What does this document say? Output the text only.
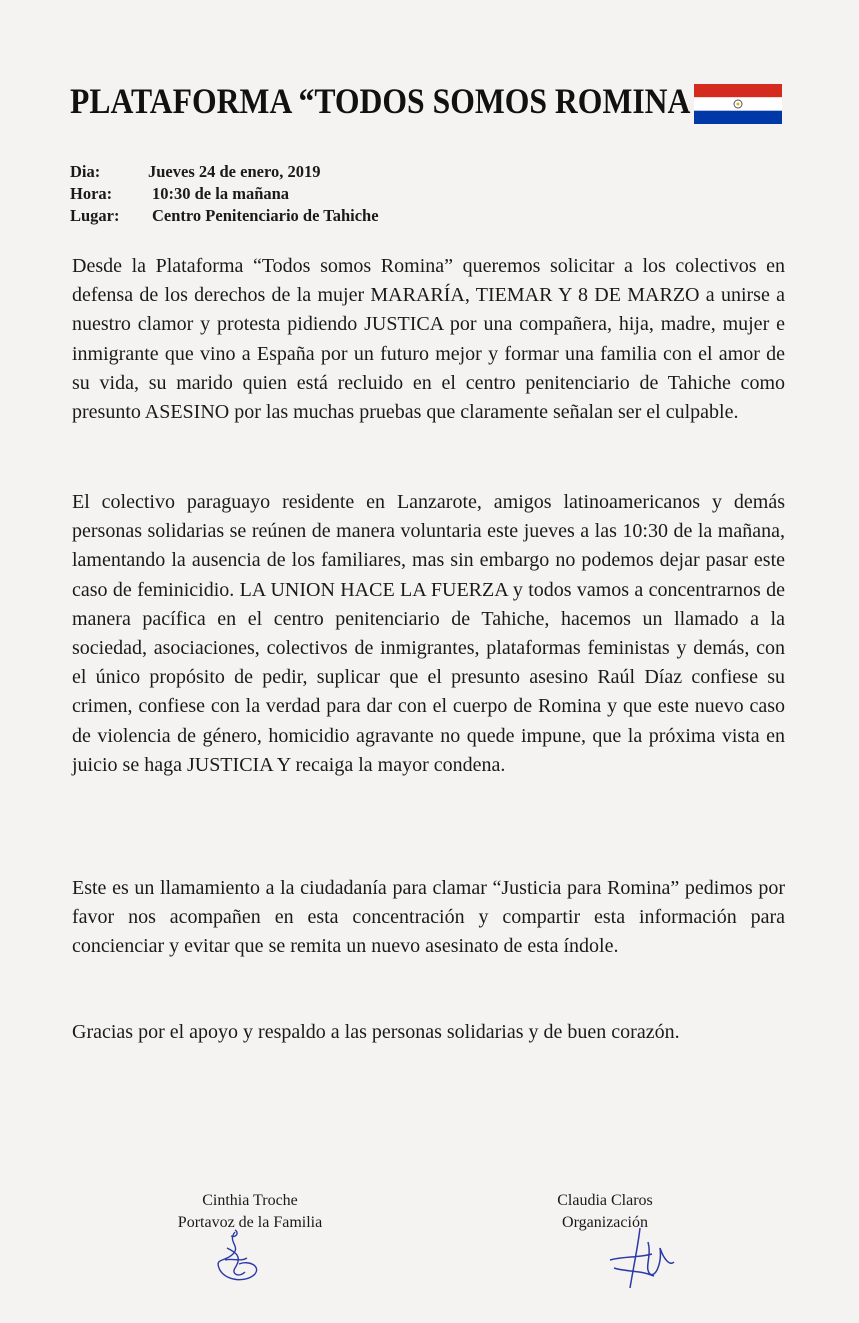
PLATAFORMA “TODOS SOMOS ROMINA
Dia:	Jueves 24 de enero, 2019
Hora:	10:30 de la mañana
Lugar:	Centro Penitenciario de Tahiche
Desde la Plataforma “Todos somos Romina” queremos solicitar a los colectivos en defensa de los derechos de la mujer MARARÍA, TIEMAR Y 8 DE MARZO a unirse a nuestro clamor y protesta pidiendo JUSTICA por una compañera, hija, madre, mujer e inmigrante que vino a España por un futuro mejor y formar una familia con el amor de su vida, su marido quien está recluido en el centro penitenciario de Tahiche como presunto ASESINO por las muchas pruebas que claramente señalan ser el culpable.
El colectivo paraguayo residente en Lanzarote, amigos latinoamericanos y demás personas solidarias se reúnen de manera voluntaria este jueves a las 10:30 de la mañana, lamentando la ausencia de los familiares, mas sin embargo no podemos dejar pasar este caso de feminicidio. LA UNION HACE LA FUERZA y todos vamos a concentrarnos de manera pacífica en el centro penitenciario de Tahiche, hacemos un llamado a la sociedad, asociaciones, colectivos de inmigrantes, plataformas feministas y demás, con el único propósito de pedir, suplicar que el presunto asesino Raúl Díaz confiese su crimen, confiese con la verdad para dar con el cuerpo de Romina y que este nuevo caso de violencia de género, homicidio agravante no quede impune, que la próxima vista en juicio se haga JUSTICIA Y recaiga la mayor condena.
Este es un llamamiento a la ciudadanía para clamar “Justicia para Romina” pedimos por favor nos acompañen en esta concentración y compartir esta información para concienciar y evitar que se remita un nuevo asesinato de esta índole.
Gracias por el apoyo y respaldo a las personas solidarias y de buen corazón.
Cinthia Troche
Portavoz de la Familia
Claudia Claros
Organización
